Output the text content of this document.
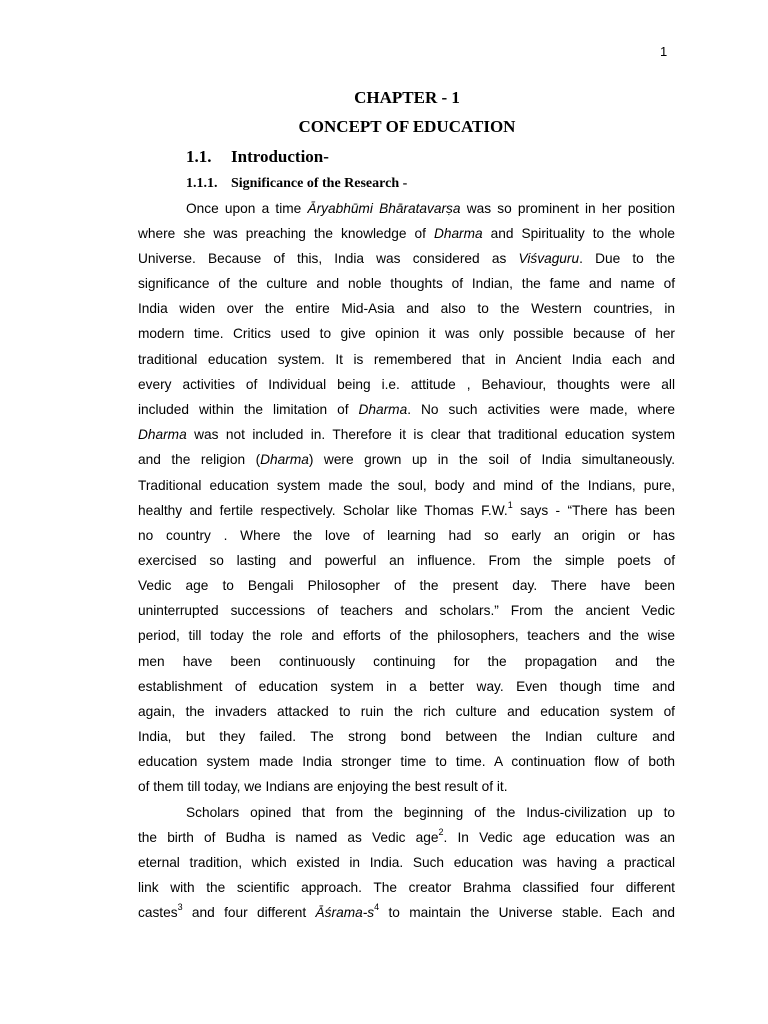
1
CHAPTER - 1
CONCEPT OF EDUCATION
1.1. Introduction-
1.1.1. Significance of the Research -
Once upon a time Āryabhūmi Bhāratavarṣa was so prominent in her position
where she was preaching the knowledge of Dharma and Spirituality to the whole
Universe. Because of this, India was considered as Viśvaguru. Due to the
significance of the culture and noble thoughts of Indian, the fame and name of
India widen over the entire Mid-Asia and also to the Western countries, in
modern time. Critics used to give opinion it was only possible because of her
traditional education system. It is remembered that in Ancient India each and
every activities of Individual being i.e. attitude , Behaviour, thoughts were all
included within the limitation of Dharma. No such activities were made, where
Dharma was not included in. Therefore it is clear that traditional education system
and the religion (Dharma) were grown up in the soil of India simultaneously.
Traditional education system made the soul, body and mind of the Indians, pure,
healthy and fertile respectively. Scholar like Thomas F.W.$^1$ says - “There has been
no country . Where the love of learning had so early an origin or has
exercised so lasting and powerful an influence. From the simple poets of
Vedic age to Bengali Philosopher of the present day. There have been
uninterrupted successions of teachers and scholars.” From the ancient Vedic
period, till today the role and efforts of the philosophers, teachers and the wise
men have been continuously continuing for the propagation and the
establishment of education system in a better way. Even though time and
again, the invaders attacked to ruin the rich culture and education system of
India, but they failed. The strong bond between the Indian culture and
education system made India stronger time to time. A continuation flow of both
of them till today, we Indians are enjoying the best result of it.
Scholars opined that from the beginning of the Indus-civilization up to
the birth of Budha is named as Vedic age$^2$. In Vedic age education was an
eternal tradition, which existed in India. Such education was having a practical
link with the scientific approach. The creator Brahma classified four different
castes$^3$ and four different Āśrama-$s^4$ to maintain the Universe stable. Each and
